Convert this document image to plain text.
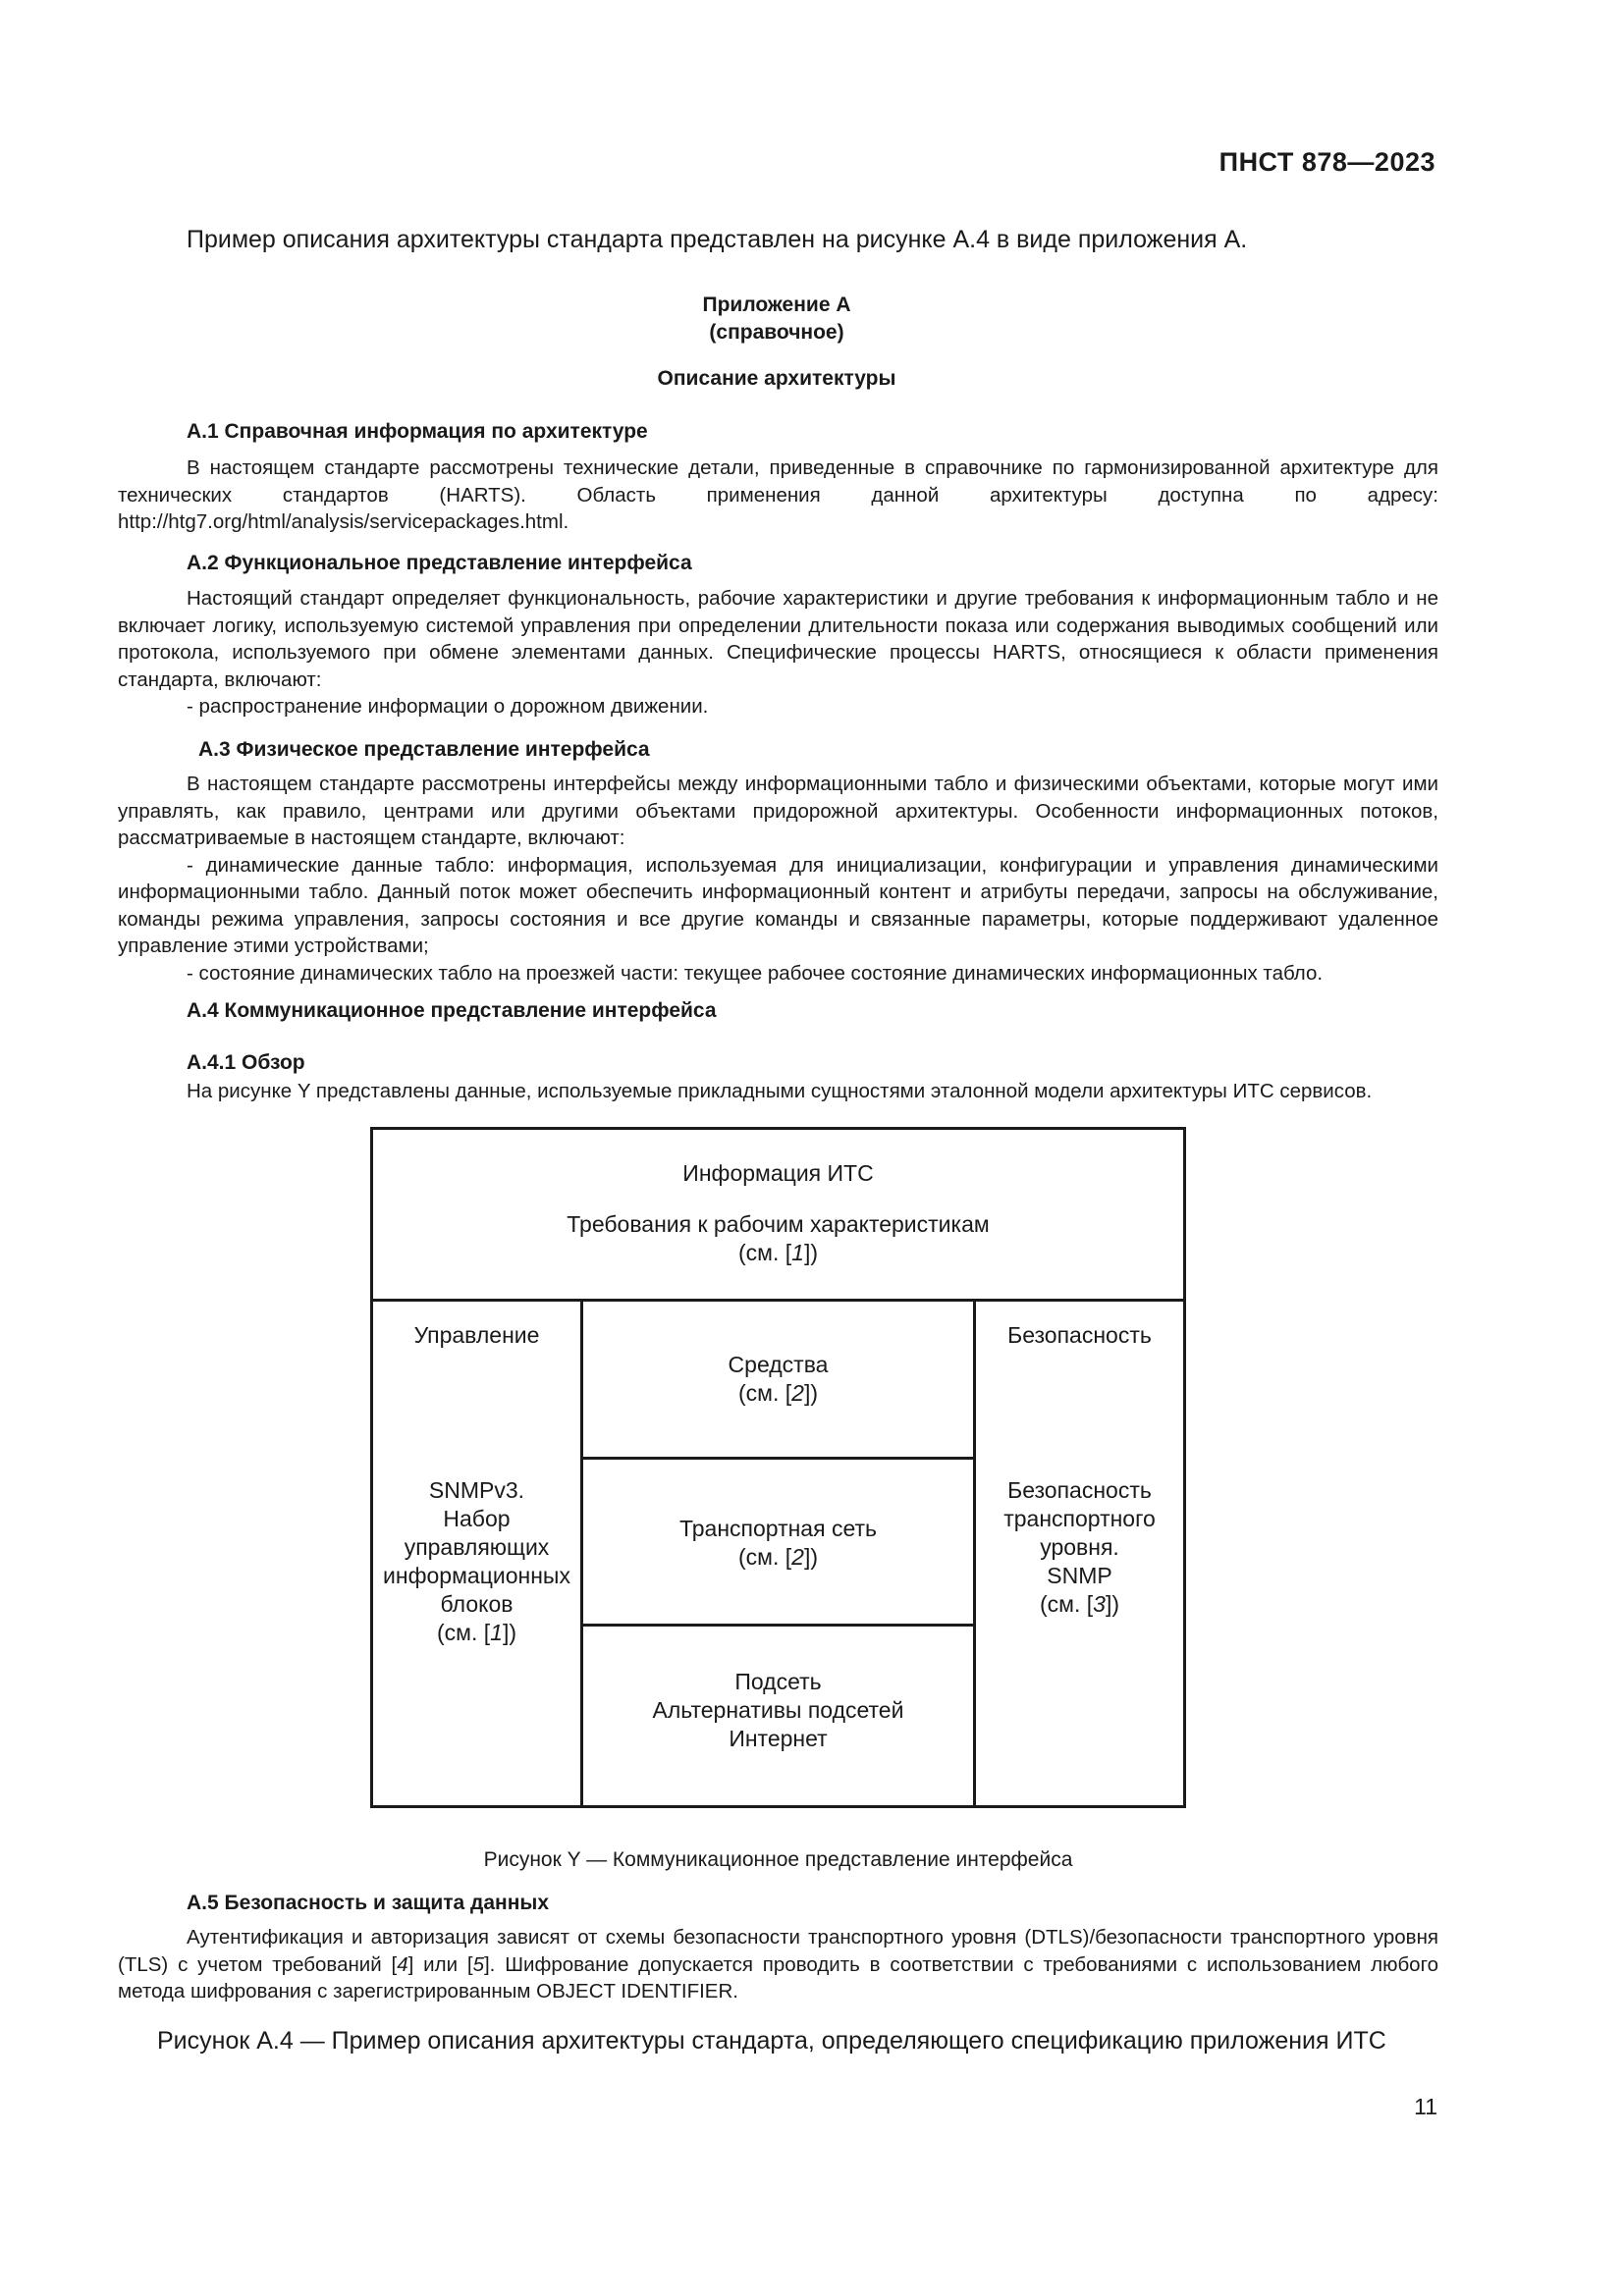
ПНСТ 878—2023
Пример описания архитектуры стандарта представлен на рисунке А.4 в виде приложения А.
Приложение А
(справочное)
Описание архитектуры
А.1 Справочная информация по архитектуре

В настоящем стандарте рассмотрены технические детали, приведенные в справочнике по гармонизированной архитектуре для технических стандартов (HARTS). Область применения данной архитектуры доступна по адресу: http://htg7.org/html/analysis/servicepackages.html.

А.2 Функциональное представление интерфейса

Настоящий стандарт определяет функциональность, рабочие характеристики и другие требования к информационным табло и не включает логику, используемую системой управления при определении длительности показа или содержания выводимых сообщений или протокола, используемого при обмене элементами данных. Специфические процессы HARTS, относящиеся к области применения стандарта, включают:

- распространение информации о дорожном движении.

А.3 Физическое представление интерфейса

В настоящем стандарте рассмотрены интерфейсы между информационными табло и физическими объектами, которые могут ими управлять, как правило, центрами или другими объектами придорожной архитектуры. Особенности информационных потоков, рассматриваемые в настоящем стандарте, включают:

- динамические данные табло: информация, используемая для инициализации, конфигурации и управления динамическими информационными табло. Данный поток может обеспечить информационный контент и атрибуты передачи, запросы на обслуживание, команды режима управления, запросы состояния и все другие команды и связанные параметры, которые поддерживают удаленное управление этими устройствами;

- состояние динамических табло на проезжей части: текущее рабочее состояние динамических информационных табло.

А.4 Коммуникационное представление интерфейса
А.4.1 Обзор
На рисунке Y представлены данные, используемые прикладными сущностями эталонной модели архитектуры ИТС сервисов.
Информация ИТС
Требования к рабочим характеристикам
(см. [1])
Управление
SNMPv3.
Набор
управляющих
информационных
блоков
(см. [1])
Безопасность
Безопасность
транспортного
уровня.
SNMP
(см. [3])
Средства
(см. [2])
Транспортная сеть
(см. [2])
Подсеть
Альтернативы подсетей
Интернет
Рисунок Y — Коммуникационное представление интерфейса
А.5 Безопасность и защита данных

Аутентификация и авторизация зависят от схемы безопасности транспортного уровня (DTLS)/безопасности транспортного уровня (TLS) с учетом требований [4] или [5]. Шифрование допускается проводить в соответствии с требованиями с использованием любого метода шифрования с зарегистрированным OBJECT IDENTIFIER.

Рисунок А.4 — Пример описания архитектуры стандарта, определяющего спецификацию приложения ИТС
11
